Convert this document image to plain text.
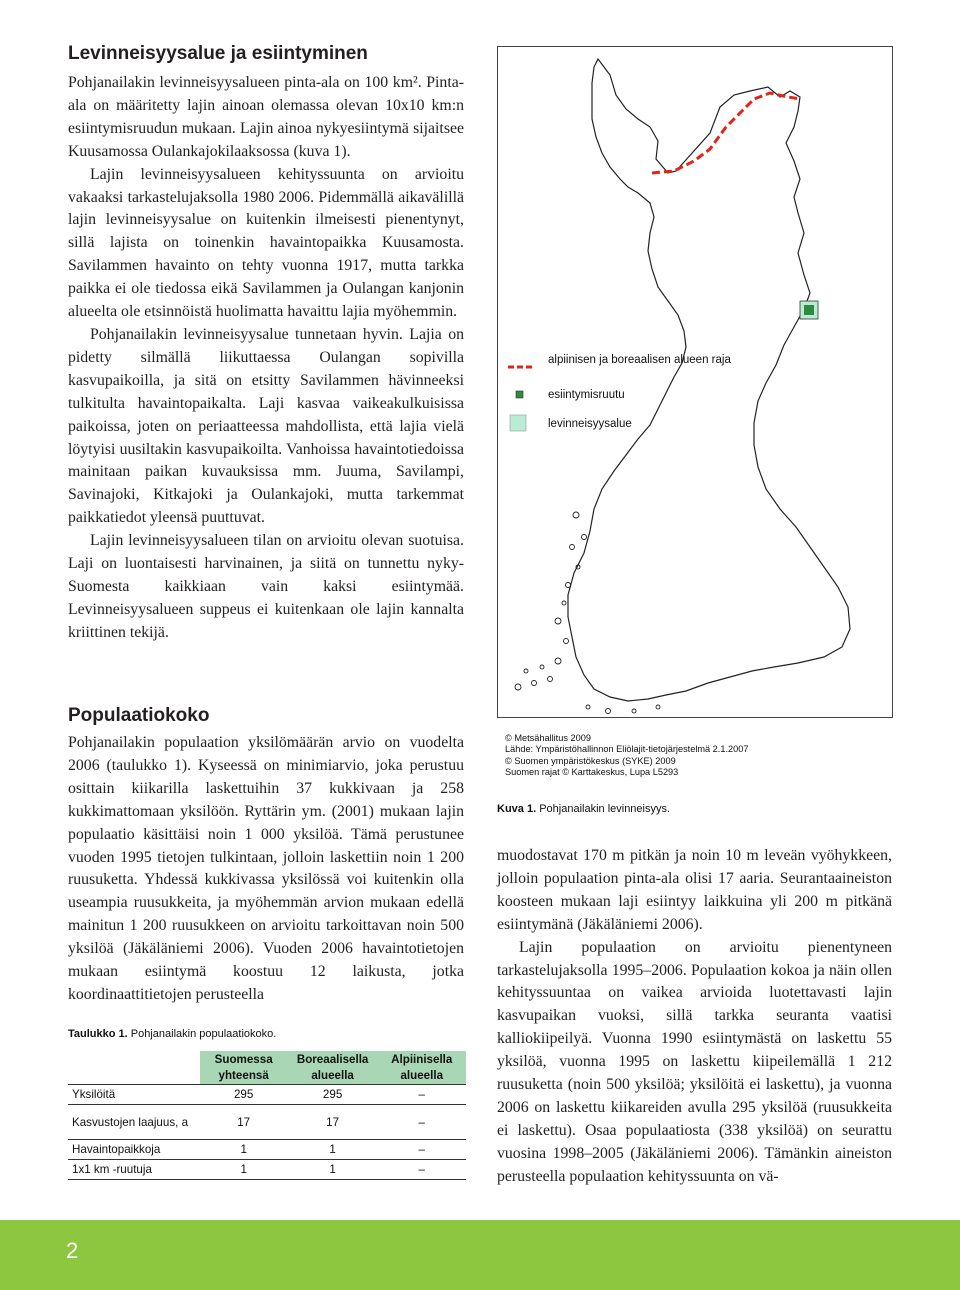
Levinneisyysalue ja esiintyminen

Pohjanailakin levinneisyysalueen pinta-ala on 100 km². Pinta-ala on määritetty lajin ainoan olemassa olevan 10x10 km:n esiintymisruudun mukaan. Lajin ainoa nykyesiintymä sijaitsee Kuusamossa Oulankajokilaaksossa (kuva 1).

Lajin levinneisyysalueen kehityssuunta on arvioitu vakaaksi tarkastelujaksolla 1980 2006. Pidemmällä aikavälillä lajin levinneisyysalue on kuitenkin ilmeisesti pienentynyt, sillä lajista on toinenkin havaintopaikka Kuusamosta. Savilammen havainto on tehty vuonna 1917, mutta tarkka paikka ei ole tiedossa eikä Savilammen ja Oulangan kanjonin alueelta ole etsinnöistä huolimatta havaittu lajia myöhemmin.

Pohjanailakin levinneisyysalue tunnetaan hyvin. Lajia on pidetty silmällä liikuttaessa Oulangan sopivilla kasvupaikoilla, ja sitä on etsitty Savilammen hävinneeksi tulkitulta havaintopaikalta. Laji kasvaa vaikeakulkuisissa paikoissa, joten on periaatteessa mahdollista, että lajia vielä löytyisi uusiltakin kasvupaikoilta. Vanhoissa havaintotiedoissa mainitaan paikan kuvauksissa mm. Juuma, Savilampi, Savinajoki, Kitkajoki ja Oulankajoki, mutta tarkemmat paikkatiedot yleensä puuttuvat.

Lajin levinneisyysalueen tilan on arvioitu olevan suotuisa. Laji on luontaisesti harvinainen, ja siitä on tunnettu nyky-Suomesta kaikkiaan vain kaksi esiintymää. Levinneisyysalueen suppeus ei kuitenkaan ole lajin kannalta kriittinen tekijä.

Populaatiokoko

Pohjanailakin populaation yksilömäärän arvio on vuodelta 2006 (taulukko 1). Kyseessä on minimiarvio, joka perustuu osittain kiikarilla laskettuihin 37 kukkivaan ja 258 kukkimattomaan yksilöön. Ryttärin ym. (2001) mukaan lajin populaatio käsittäisi noin 1 000 yksilöä. Tämä perustunee vuoden 1995 tietojen tulkintaan, jolloin laskettiin noin 1 200 ruusuketta. Yhdessä kukkivassa yksilössä voi kuitenkin olla useampia ruusukkeita, ja myöhemmän arvion mukaan edellä mainitun 1 200 ruusukkeen on arvioitu tarkoittavan noin 500 yksilöä (Jäkäläniemi 2006). Vuoden 2006 havaintotietojen mukaan esiintymä koostuu 12 laikusta, jotka koordinaattitietojen perusteella

alpiinisen ja boreaalisen alueen raja
esiintymisruutu
levinneisyysalue
© Metsähallitus 2009
Lähde: Ympäristöhallinnon Eliölajit-tietojärjestelmä 2.1.2007
© Suomen ympäristökeskus (SYKE) 2009
Suomen rajat © Karttakeskus, Lupa L5293
Kuva 1. Pohjanailakin levinneisyys.

muodostavat 170 m pitkän ja noin 10 m leveän vyöhykkeen, jolloin populaation pinta-ala olisi 17 aaria. Seurantaaineiston koosteen mukaan laji esiintyy laikkuina yli 200 m pitkänä esiintymänä (Jäkäläniemi 2006).

Lajin populaation on arvioitu pienentyneen tarkastelujaksolla 1995–2006. Populaation kokoa ja näin ollen kehityssuuntaa on vaikea arvioida luotettavasti lajin kasvupaikan vuoksi, sillä tarkka seuranta vaatisi kalliokiipeilyä. Vuonna 1990 esiintymästä on laskettu 55 yksilöä, vuonna 1995 on laskettu kiipeilemällä 1 212 ruusuketta (noin 500 yksilöä; yksilöitä ei laskettu), ja vuonna 2006 on laskettu kiikareiden avulla 295 yksilöä (ruusukkeita ei laskettu). Osaa populaatiosta (338 yksilöä) on seurattu vuosina 1998–2005 (Jäkäläniemi 2006). Tämänkin aineiston perusteella populaation kehityssuunta on vä-

Taulukko 1. Pohjanailakin populaatiokoko.
	Suomessa yhteensä	Boreaalisella alueella	Alpiinisella alueella
Yksilöitä	295	295	–
Kasvustojen laajuus, a	17	17	–
Havaintopaikkoja	1	1	–
1x1 km -ruutuja	1	1	–
2
